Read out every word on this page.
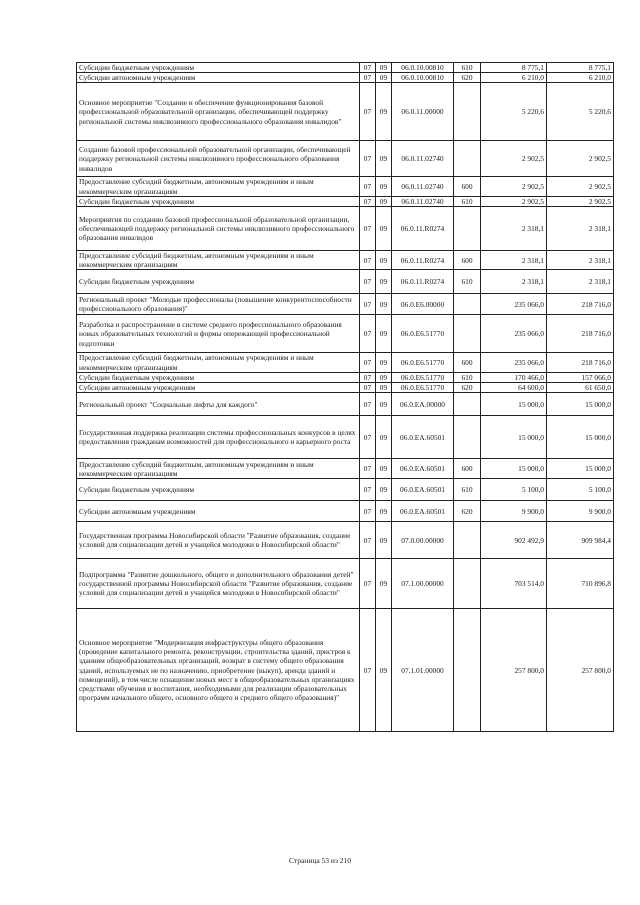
Субсидии бюджетным учреждениям	07	09	06.0.10.00810	610	8 775,1	8 775,1
Субсидии автономным учреждениям	07	09	06.0.10.00810	620	6 210,0	6 210,0
Основное мероприятие "Создание и обеспечение функционирования базовой профессиональной образовательной организации, обеспечивающей поддержку региональной системы инклюзивного профессионального образования инвалидов"	07	09	06.0.11.00000		5 220,6	5 220,6
Создание базовой профессиональной образовательной организации, обеспечивающей поддержку региональной системы инклюзивного профессионального образования инвалидов	07	09	06.0.11.02740		2 902,5	2 902,5
Предоставление субсидий бюджетным, автономным учреждениям и иным некоммерческим организациям	07	09	06.0.11.02740	600	2 902,5	2 902,5
Субсидии бюджетным учреждениям	07	09	06.0.11.02740	610	2 902,5	2 902,5
Мероприятия по созданию базовой профессиональной образовательной организации, обеспечивающей поддержку региональной системы инклюзивного профессионального образования инвалидов	07	09	06.0.11.R0274		2 318,1	2 318,1
Предоставление субсидий бюджетным, автономным учреждениям и иным некоммерческим организациям	07	09	06.0.11.R0274	600	2 318,1	2 318,1
Субсидии бюджетным учреждениям	07	09	06.0.11.R0274	610	2 318,1	2 318,1
Региональный проект "Молодые профессионалы (повышение конкурентоспособности профессионального образования)"	07	09	06.0.E6.00000		235 066,0	218 716,0
Разработка и распространение в системе среднего профессионального образования новых образовательных технологий и формы опережающей профессиональной подготовки	07	09	06.0.E6.51770		235 066,0	218 716,0
Предоставление субсидий бюджетным, автономным учреждениям и иным некоммерческим организациям	07	09	06.0.E6.51770	600	235 066,0	218 716,0
Субсидии бюджетным учреждениям	07	09	06.0.E6.51770	610	170 466,0	157 066,0
Субсидии автономным учреждениям	07	09	06.0.E6.51770	620	64 600,0	61 650,0
Региональный проект "Социальные лифты для каждого"	07	09	06.0.EA.00000		15 000,0	15 000,0
Государственная поддержка реализации системы профессиональных конкурсов в целях предоставления гражданам возможностей для профессионального и карьерного роста	07	09	06.0.EA.60501		15 000,0	15 000,0
Предоставление субсидий бюджетным, автономным учреждениям и иным некоммерческим организациям	07	09	06.0.EA.60501	600	15 000,0	15 000,0
Субсидии бюджетным учреждениям	07	09	06.0.EA.60501	610	5 100,0	5 100,0
Субсидии автономным учреждениям	07	09	06.0.EA.60501	620	9 900,0	9 900,0
Государственная программа Новосибирской области "Развитие образования, создание условий для социализации детей и учащейся молодежи в Новосибирской области"	07	09	07.0.00.00000		902 492,9	909 984,4
Подпрограмма "Развитие дошкольного, общего и дополнительного образования детей" государственной программы Новосибирской области "Развитие образования, создание условий для социализации детей и учащейся молодежи в Новосибирской области"	07	09	07.1.00.00000		703 514,0	710 896,8
Основное мероприятие "Модернизация инфраструктуры общего образования (проведение капитального ремонта, реконструкции, строительства зданий, пристроя к зданиям общеобразовательных организаций, возврат в систему общего образования зданий, используемых не по назначению, приобретение (выкуп), аренда зданий и помещений), в том числе оснащение новых мест в общеобразовательных организациях средствами обучения и воспитания, необходимыми для реализации образовательных программ начального общего, основного общего и среднего общего образования)"	07	09	07.1.01.00000		257 800,0	257 800,0
Страница 53 из 210
